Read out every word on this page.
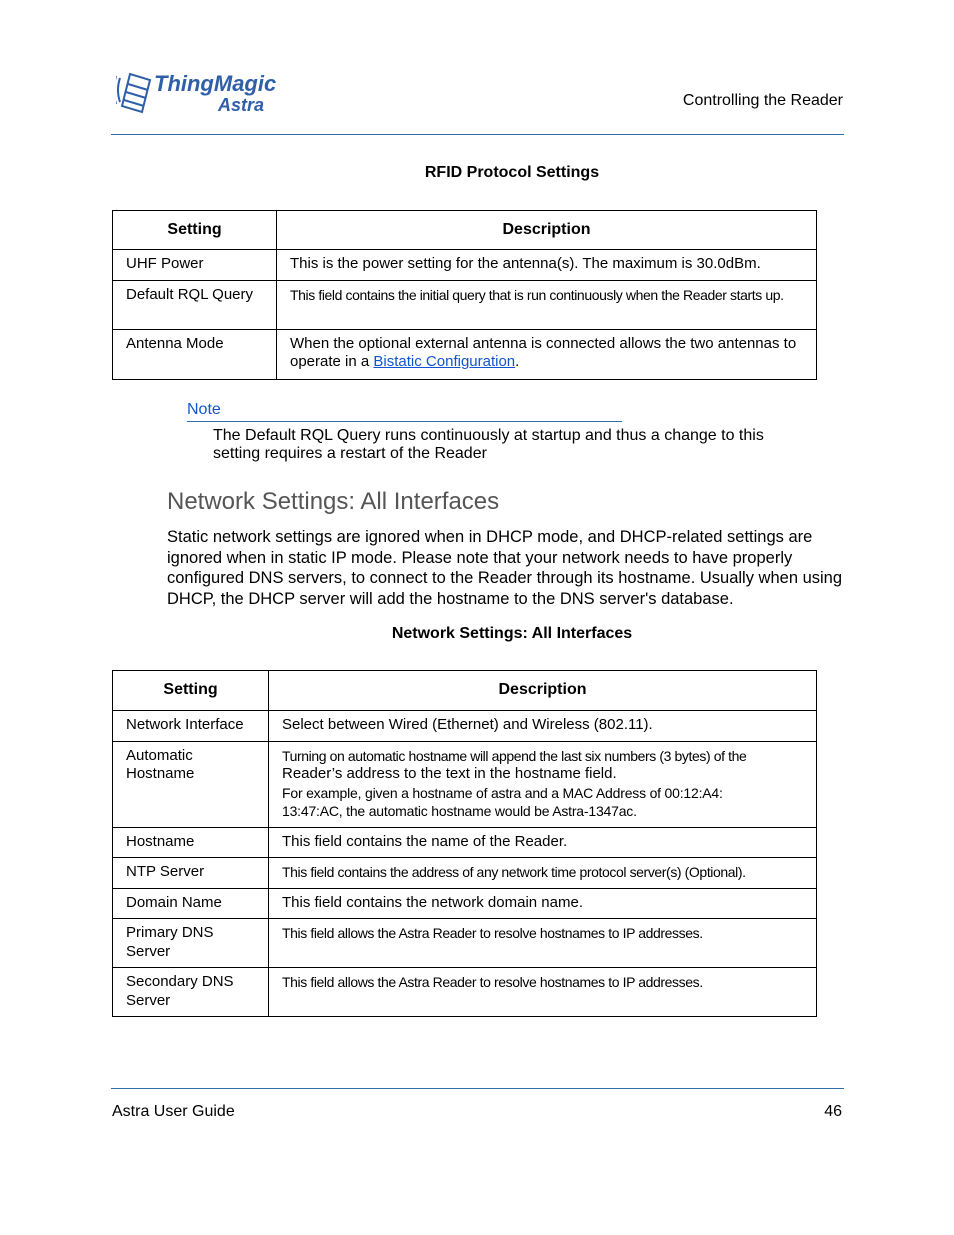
ThingMagic
Astra	Controlling the Reader
RFID Protocol Settings
Setting	Description
UHF Power	This is the power setting for the antenna(s). The maximum is 30.0dBm.
Default RQL Query	This field contains the initial query that is run continuously when the Reader starts up.
Antenna Mode	When the optional external antenna is connected allows the two antennas to operate in a Bistatic Configuration.
Note
The Default RQL Query runs continuously at startup and thus a change to this setting requires a restart of the Reader
Network Settings: All Interfaces
Static network settings are ignored when in DHCP mode, and DHCP-related settings are ignored when in static IP mode. Please note that your network needs to have properly configured DNS servers, to connect to the Reader through its hostname. Usually when using DHCP, the DHCP server will add the hostname to the DNS server's database.
Network Settings: All Interfaces
Setting	Description
Network Interface	Select between Wired (Ethernet) and Wireless (802.11).
Automatic Hostname	Turning on automatic hostname will append the last six numbers (3 bytes) of the
Reader’s address to the text in the hostname field.
For example, given a hostname of astra and a MAC Address of 00:12:A4:
13:47:AC, the automatic hostname would be Astra-1347ac.

Hostname	This field contains the name of the Reader.
NTP Server	This field contains the address of any network time protocol server(s) (Optional).
Domain Name	This field contains the network domain name.
Primary DNS Server	This field allows the Astra Reader to resolve hostnames to IP addresses.
Secondary DNS Server	This field allows the Astra Reader to resolve hostnames to IP addresses.
Astra User Guide	46
